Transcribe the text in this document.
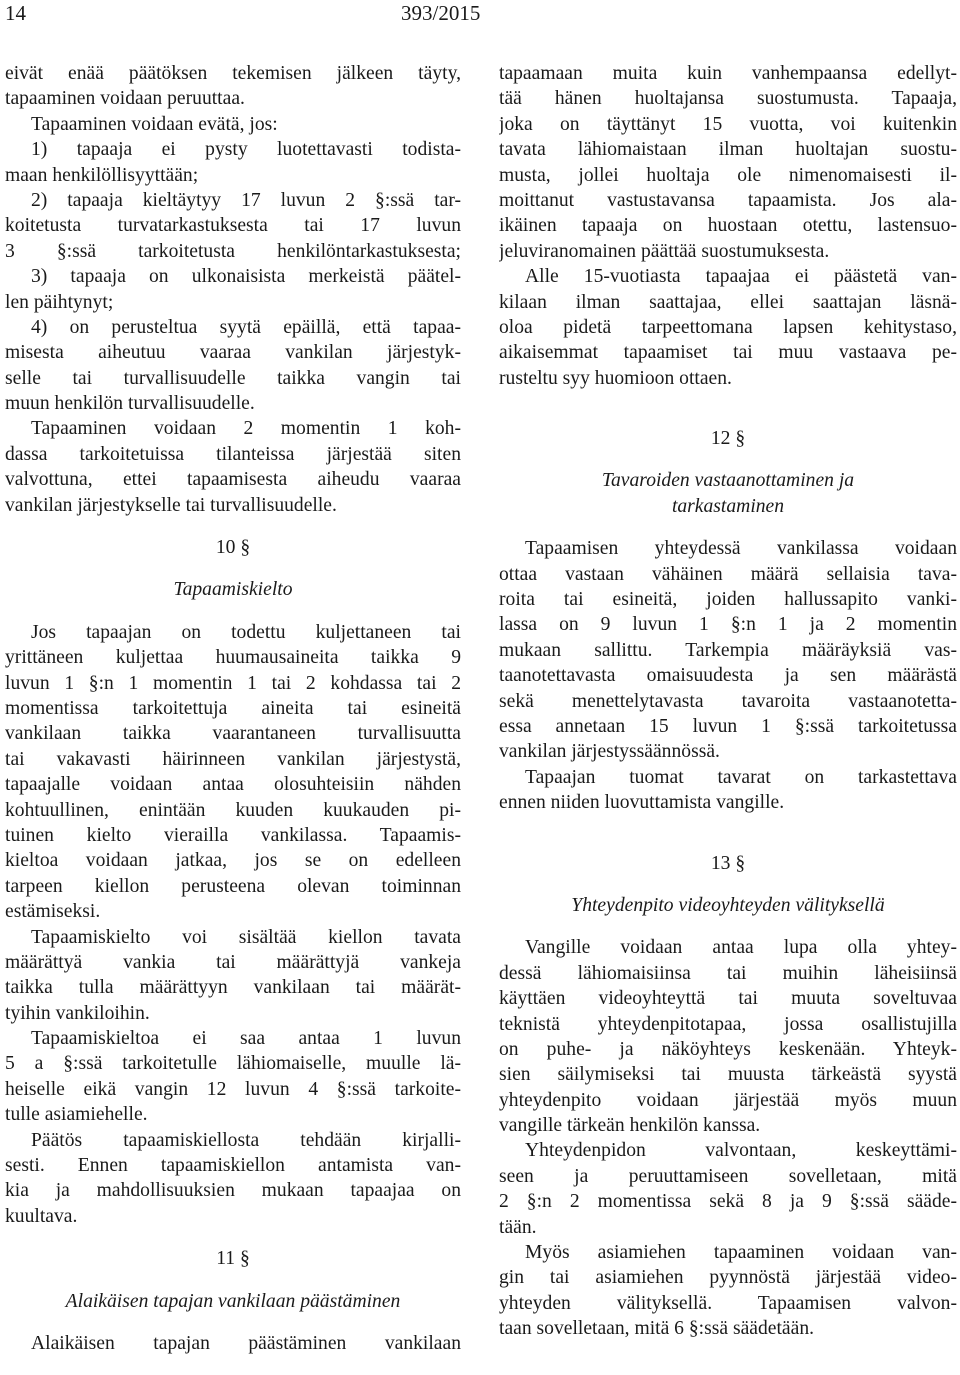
14	393/2015
eivät enää päätöksen tekemisen jälkeen täyty,
tapaaminen voidaan peruuttaa.
Tapaaminen voidaan evätä, jos:
1) tapaaja ei pysty luotettavasti todista-
maan henkilöllisyyttään;
2) tapaaja kieltäytyy 17 luvun 2 §:ssä tar-
koitetusta turvatarkastuksesta tai 17 luvun
3 §:ssä tarkoitetusta henkilöntarkastuksesta;
3) tapaaja on ulkonaisista merkeistä päätel-
len päihtynyt;
4) on perusteltua syytä epäillä, että tapaa-
misesta aiheutuu vaaraa vankilan järjestyk-
selle tai turvallisuudelle taikka vangin tai
muun henkilön turvallisuudelle.
Tapaaminen voidaan 2 momentin 1 koh-
dassa tarkoitetuissa tilanteissa järjestää siten
valvottuna, ettei tapaamisesta aiheudu vaaraa
vankilan järjestykselle tai turvallisuudelle.
10 §
Tapaamiskielto
Jos tapaajan on todettu kuljettaneen tai
yrittäneen kuljettaa huumausaineita taikka 9
luvun 1 §:n 1 momentin 1 tai 2 kohdassa tai 2
momentissa tarkoitettuja aineita tai esineitä
vankilaan taikka vaarantaneen turvallisuutta
tai vakavasti häirinneen vankilan järjestystä,
tapaajalle voidaan antaa olosuhteisiin nähden
kohtuullinen, enintään kuuden kuukauden pi-
tuinen kielto vierailla vankilassa. Tapaamis-
kieltoa voidaan jatkaa, jos se on edelleen
tarpeen kiellon perusteena olevan toiminnan
estämiseksi.
Tapaamiskielto voi sisältää kiellon tavata
määrättyä vankia tai määrättyjä vankeja
taikka tulla määrättyyn vankilaan tai määrät-
tyihin vankiloihin.
Tapaamiskieltoa ei saa antaa 1 luvun
5 a §:ssä tarkoitetulle lähiomaiselle, muulle lä-
heiselle eikä vangin 12 luvun 4 §:ssä tarkoite-
tulle asiamiehelle.
Päätös tapaamiskiellosta tehdään kirjalli-
sesti. Ennen tapaamiskiellon antamista van-
kia ja mahdollisuuksien mukaan tapaajaa on
kuultava.
11 §
Alaikäisen tapajan vankilaan päästäminen
Alaikäisen tapajan päästäminen vankilaan
tapaamaan muita kuin vanhempaansa edellyt-
tää hänen huoltajansa suostumusta. Tapaaja,
joka on täyttänyt 15 vuotta, voi kuitenkin
tavata lähiomaistaan ilman huoltajan suostu-
musta, jollei huoltaja ole nimenomaisesti il-
moittanut vastustavansa tapaamista. Jos ala-
ikäinen tapaaja on huostaan otettu, lastensuo-
jeluviranomainen päättää suostumuksesta.
Alle 15-vuotiasta tapaajaa ei päästetä van-
kilaan ilman saattajaa, ellei saattajan läsnä-
oloa pidetä tarpeettomana lapsen kehitystaso,
aikaisemmat tapaamiset tai muu vastaava pe-
rusteltu syy huomioon ottaen.
12 §
Tavaroiden vastaanottaminen ja
tarkastaminen
Tapaamisen yhteydessä vankilassa voidaan
ottaa vastaan vähäinen määrä sellaisia tava-
roita tai esineitä, joiden hallussapito vanki-
lassa on 9 luvun 1 §:n 1 ja 2 momentin
mukaan sallittu. Tarkempia määräyksiä vas-
taanotettavasta omaisuudesta ja sen määrästä
sekä menettelytavasta tavaroita vastaanotetta-
essa annetaan 15 luvun 1 §:ssä tarkoitetussa
vankilan järjestyssäännössä.
Tapaajan tuomat tavarat on tarkastettava
ennen niiden luovuttamista vangille.
13 §
Yhteydenpito videoyhteyden välityksellä
Vangille voidaan antaa lupa olla yhtey-
dessä lähiomaisiinsa tai muihin läheisiinsä
käyttäen videoyhteyttä tai muuta soveltuvaa
teknistä yhteydenpitotapaa, jossa osallistujilla
on puhe- ja näköyhteys keskenään. Yhteyk-
sien säilymiseksi tai muusta tärkeästä syystä
yhteydenpito voidaan järjestää myös muun
vangille tärkeän henkilön kanssa.
Yhteydenpidon valvontaan, keskeyttämi-
seen ja peruuttamiseen sovelletaan, mitä
2 §:n 2 momentissa sekä 8 ja 9 §:ssä sääde-
tään.
Myös asiamiehen tapaaminen voidaan van-
gin tai asiamiehen pyynnöstä järjestää video-
yhteyden välityksellä. Tapaamisen valvon-
taan sovelletaan, mitä 6 §:ssä säädetään.
